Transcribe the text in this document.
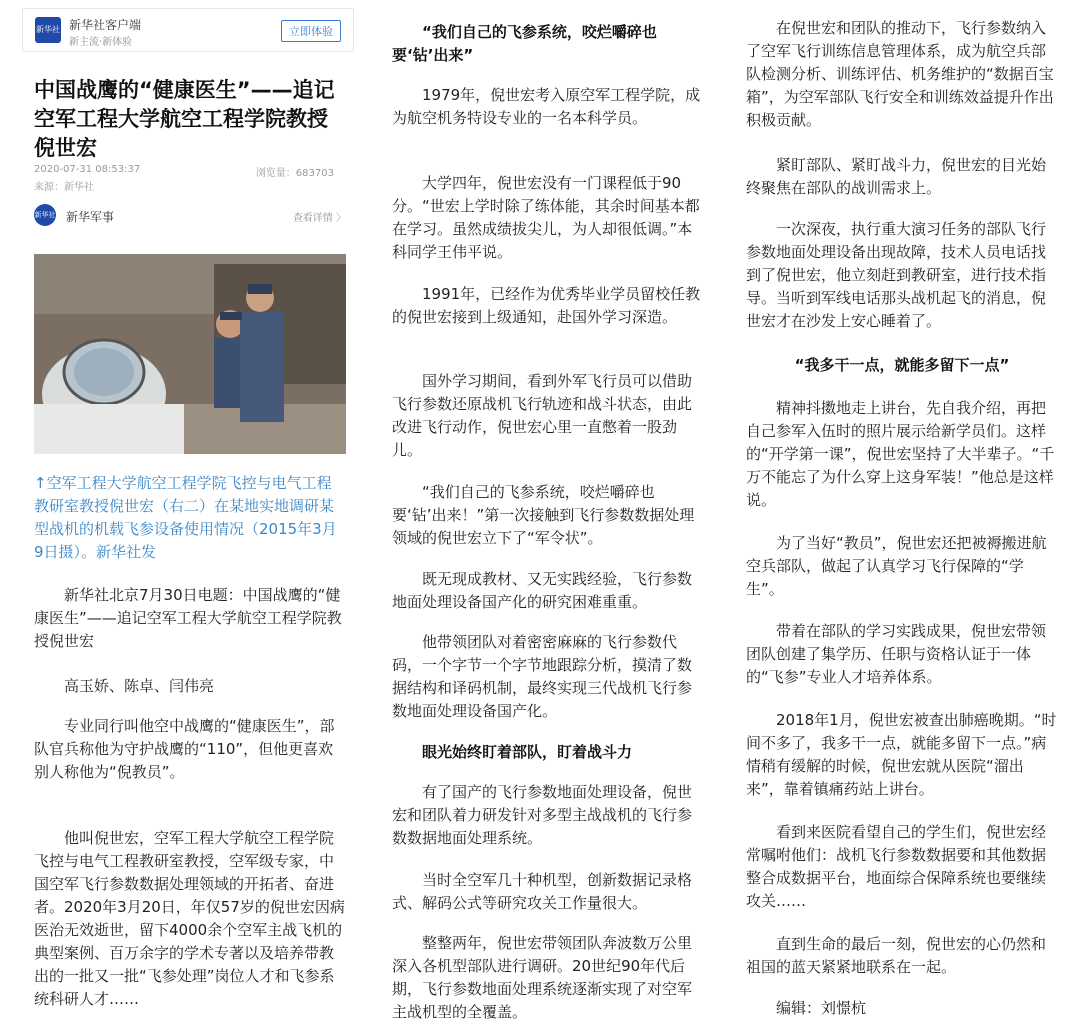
新华社 新华社客户端
新主流·新体验
立即体验
中国战鹰的“健康医生”——追记空军工程大学航空工程学院教授倪世宏
2020-07-31 08:53:37	浏览量：683703
来源：新华社
新华社 新华军事	查看详情 〉

↑空军工程大学航空工程学院飞控与电气工程教研室教授倪世宏（右二）在某地实地调研某型战机的机载飞参设备使用情况（2015年3月9日摄）。新华社发

新华社北京7月30日电题：中国战鹰的“健康医生”——追记空军工程大学航空工程学院教授倪世宏

高玉娇、陈卓、闫伟亮

专业同行叫他空中战鹰的“健康医生”，部队官兵称他为守护战鹰的“110”，但他更喜欢别人称他为“倪教员”。

他叫倪世宏，空军工程大学航空工程学院飞控与电气工程教研室教授，空军级专家，中国空军飞行参数数据处理领域的开拓者、奋进者。2020年3月20日，年仅57岁的倪世宏因病医治无效逝世，留下4000余个空军主战飞机的典型案例、百万余字的学术专著以及培养带教出的一批又一批“飞参处理”岗位人才和飞参系统科研人才……

“我们自己的飞参系统，咬烂嚼碎也要‘钻’出来”

1979年，倪世宏考入原空军工程学院，成为航空机务特设专业的一名本科学员。

大学四年，倪世宏没有一门课程低于90分。“世宏上学时除了练体能，其余时间基本都在学习。虽然成绩拔尖儿，为人却很低调。”本科同学王伟平说。

1991年，已经作为优秀毕业学员留校任教的倪世宏接到上级通知，赴国外学习深造。

国外学习期间，看到外军飞行员可以借助飞行参数还原战机飞行轨迹和战斗状态，由此改进飞行动作，倪世宏心里一直憋着一股劲儿。

“我们自己的飞参系统，咬烂嚼碎也要‘钻’出来！”第一次接触到飞行参数数据处理领域的倪世宏立下了“军令状”。

既无现成教材、又无实践经验，飞行参数地面处理设备国产化的研究困难重重。

他带领团队对着密密麻麻的飞行参数代码，一个字节一个字节地跟踪分析，摸清了数据结构和译码机制，最终实现三代战机飞行参数地面处理设备国产化。

眼光始终盯着部队，盯着战斗力

有了国产的飞行参数地面处理设备，倪世宏和团队着力研发针对多型主战战机的飞行参数数据地面处理系统。

当时全空军几十种机型，创新数据记录格式、解码公式等研究攻关工作量很大。

整整两年，倪世宏带领团队奔波数万公里深入各机型部队进行调研。20世纪90年代后期，飞行参数地面处理系统逐渐实现了对空军主战机型的全覆盖。

在倪世宏和团队的推动下，飞行参数纳入了空军飞行训练信息管理体系，成为航空兵部队检测分析、训练评估、机务维护的“数据百宝箱”，为空军部队飞行安全和训练效益提升作出积极贡献。

紧盯部队、紧盯战斗力，倪世宏的目光始终聚焦在部队的战训需求上。

一次深夜，执行重大演习任务的部队飞行参数地面处理设备出现故障，技术人员电话找到了倪世宏，他立刻赶到教研室，进行技术指导。当听到军线电话那头战机起飞的消息，倪世宏才在沙发上安心睡着了。

“我多干一点，就能多留下一点”

精神抖擞地走上讲台，先自我介绍，再把自己参军入伍时的照片展示给新学员们。这样的“开学第一课”，倪世宏坚持了大半辈子。“千万不能忘了为什么穿上这身军装！”他总是这样说。

为了当好“教员”，倪世宏还把被褥搬进航空兵部队，做起了认真学习飞行保障的“学生”。

带着在部队的学习实践成果，倪世宏带领团队创建了集学历、任职与资格认证于一体的“飞参”专业人才培养体系。

2018年1月，倪世宏被查出肺癌晚期。“时间不多了，我多干一点，就能多留下一点。”病情稍有缓解的时候，倪世宏就从医院“溜出来”，靠着镇痛药站上讲台。

看到来医院看望自己的学生们，倪世宏经常嘱咐他们：战机飞行参数数据要和其他数据整合成数据平台，地面综合保障系统也要继续攻关……

直到生命的最后一刻，倪世宏的心仍然和祖国的蓝天紧紧地联系在一起。

编辑：刘憬杭
